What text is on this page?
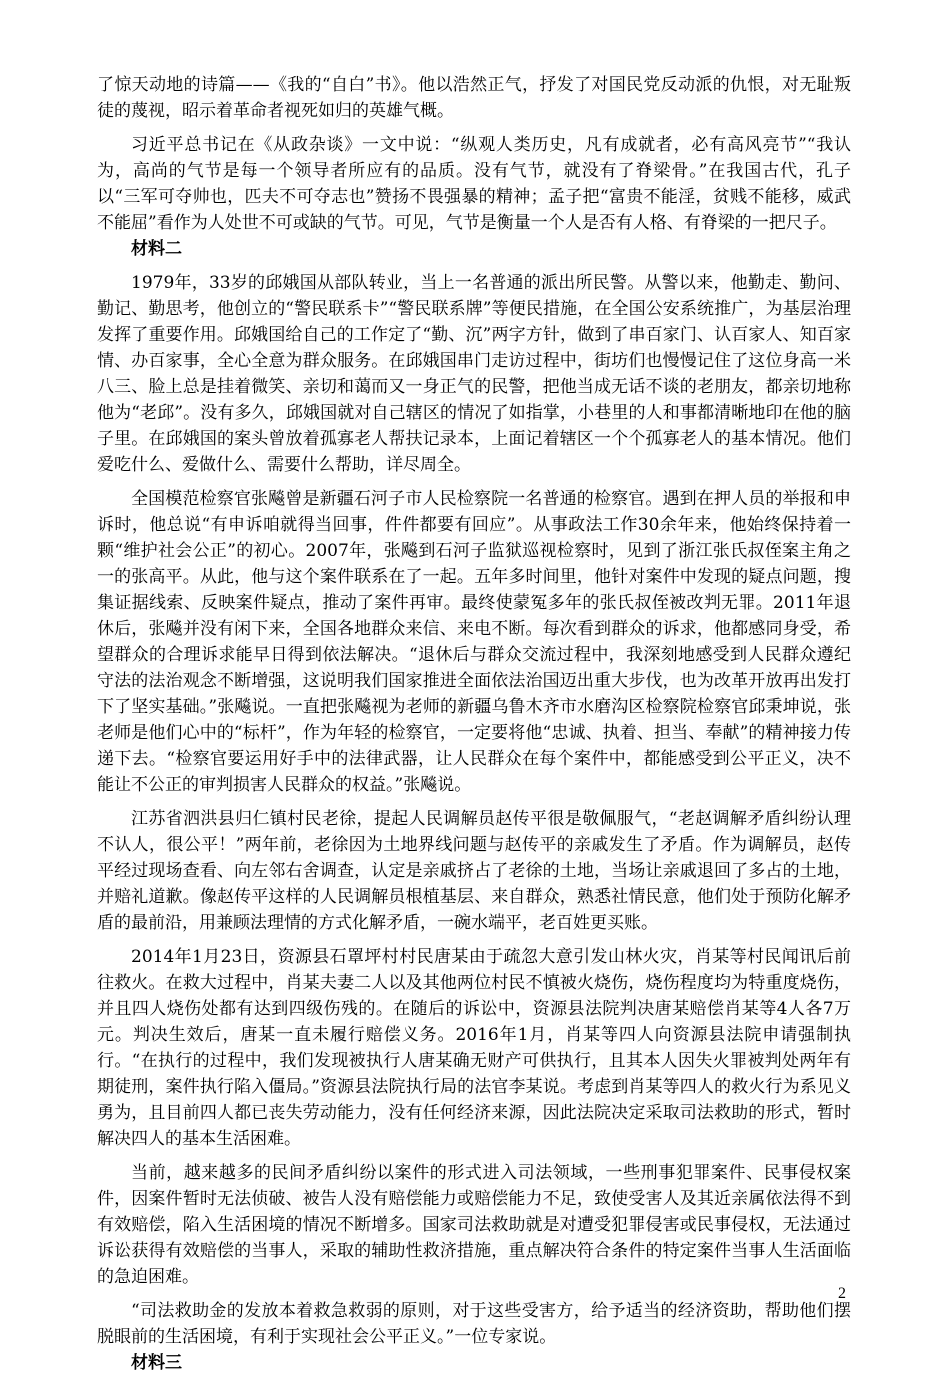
了惊天动地的诗篇——《我的“自白”书》。他以浩然正气，抒发了对国民党反动派的仇恨，对无耻叛徒的蔑视，昭示着革命者视死如归的英雄气概。

习近平总书记在《从政杂谈》一文中说：“纵观人类历史，凡有成就者，必有高风亮节”“我认为，高尚的气节是每一个领导者所应有的品质。没有气节，就没有了脊梁骨。”在我国古代，孔子以“三军可夺帅也，匹夫不可夺志也”赞扬不畏强暴的精神；孟子把“富贵不能淫，贫贱不能移，威武不能屈”看作为人处世不可或缺的气节。可见，气节是衡量一个人是否有人格、有脊梁的一把尺子。

材料二

1979年，33岁的邱娥国从部队转业，当上一名普通的派出所民警。从警以来，他勤走、勤问、勤记、勤思考，他创立的“警民联系卡”“警民联系牌”等便民措施，在全国公安系统推广，为基层治理发挥了重要作用。邱娥国给自己的工作定了“勤、沉”两字方针，做到了串百家门、认百家人、知百家情、办百家事，全心全意为群众服务。在邱娥国串门走访过程中，街坊们也慢慢记住了这位身高一米八三、脸上总是挂着微笑、亲切和蔼而又一身正气的民警，把他当成无话不谈的老朋友，都亲切地称他为“老邱”。没有多久，邱娥国就对自己辖区的情况了如指掌，小巷里的人和事都清晰地印在他的脑子里。在邱娥国的案头曾放着孤寡老人帮扶记录本，上面记着辖区一个个孤寡老人的基本情况。他们爱吃什么、爱做什么、需要什么帮助，详尽周全。

全国模范检察官张飚曾是新疆石河子市人民检察院一名普通的检察官。遇到在押人员的举报和申诉时，他总说“有申诉咱就得当回事，件件都要有回应”。从事政法工作30余年来，他始终保持着一颗“维护社会公正”的初心。2007年，张飚到石河子监狱巡视检察时，见到了浙江张氏叔侄案主角之一的张高平。从此，他与这个案件联系在了一起。五年多时间里，他针对案件中发现的疑点问题，搜集证据线索、反映案件疑点，推动了案件再审。最终使蒙冤多年的张氏叔侄被改判无罪。2011年退休后，张飚并没有闲下来，全国各地群众来信、来电不断。每次看到群众的诉求，他都感同身受，希望群众的合理诉求能早日得到依法解决。“退休后与群众交流过程中，我深刻地感受到人民群众遵纪守法的法治观念不断增强，这说明我们国家推进全面依法治国迈出重大步伐，也为改革开放再出发打下了坚实基础。”张飚说。一直把张飚视为老师的新疆乌鲁木齐市水磨沟区检察院检察官邱秉坤说，张老师是他们心中的“标杆”，作为年轻的检察官，一定要将他“忠诚、执着、担当、奉献”的精神接力传递下去。“检察官要运用好手中的法律武器，让人民群众在每个案件中，都能感受到公平正义，决不能让不公正的审判损害人民群众的权益。”张飚说。

江苏省泗洪县归仁镇村民老徐，提起人民调解员赵传平很是敬佩服气，“老赵调解矛盾纠纷认理不认人，很公平！”两年前，老徐因为土地界线问题与赵传平的亲戚发生了矛盾。作为调解员，赵传平经过现场查看、向左邻右舍调查，认定是亲戚挤占了老徐的土地，当场让亲戚退回了多占的土地，并赔礼道歉。像赵传平这样的人民调解员根植基层、来自群众，熟悉社情民意，他们处于预防化解矛盾的最前沿，用兼顾法理情的方式化解矛盾，一碗水端平，老百姓更买账。

2014年1月23日，资源县石罩坪村村民唐某由于疏忽大意引发山林火灾，肖某等村民闻讯后前往救火。在救大过程中，肖某夫妻二人以及其他两位村民不慎被火烧伤，烧伤程度均为特重度烧伤，并且四人烧伤处都有达到四级伤残的。在随后的诉讼中，资源县法院判决唐某赔偿肖某等4人各7万元。判决生效后，唐某一直未履行赔偿义务。2016年1月，肖某等四人向资源县法院申请强制执行。“在执行的过程中，我们发现被执行人唐某确无财产可供执行，且其本人因失火罪被判处两年有期徒刑，案件执行陷入僵局。”资源县法院执行局的法官李某说。考虑到肖某等四人的救火行为系见义勇为，且目前四人都已丧失劳动能力，没有任何经济来源，因此法院决定采取司法救助的形式，暂时解决四人的基本生活困难。

当前，越来越多的民间矛盾纠纷以案件的形式进入司法领域，一些刑事犯罪案件、民事侵权案件，因案件暂时无法侦破、被告人没有赔偿能力或赔偿能力不足，致使受害人及其近亲属依法得不到有效赔偿，陷入生活困境的情况不断增多。国家司法救助就是对遭受犯罪侵害或民事侵权，无法通过诉讼获得有效赔偿的当事人，采取的辅助性救济措施，重点解决符合条件的特定案件当事人生活面临的急迫困难。

“司法救助金的发放本着救急救弱的原则，对于这些受害方，给予适当的经济资助，帮助他们摆脱眼前的生活困境，有利于实现社会公平正义。”一位专家说。

材料三

2
